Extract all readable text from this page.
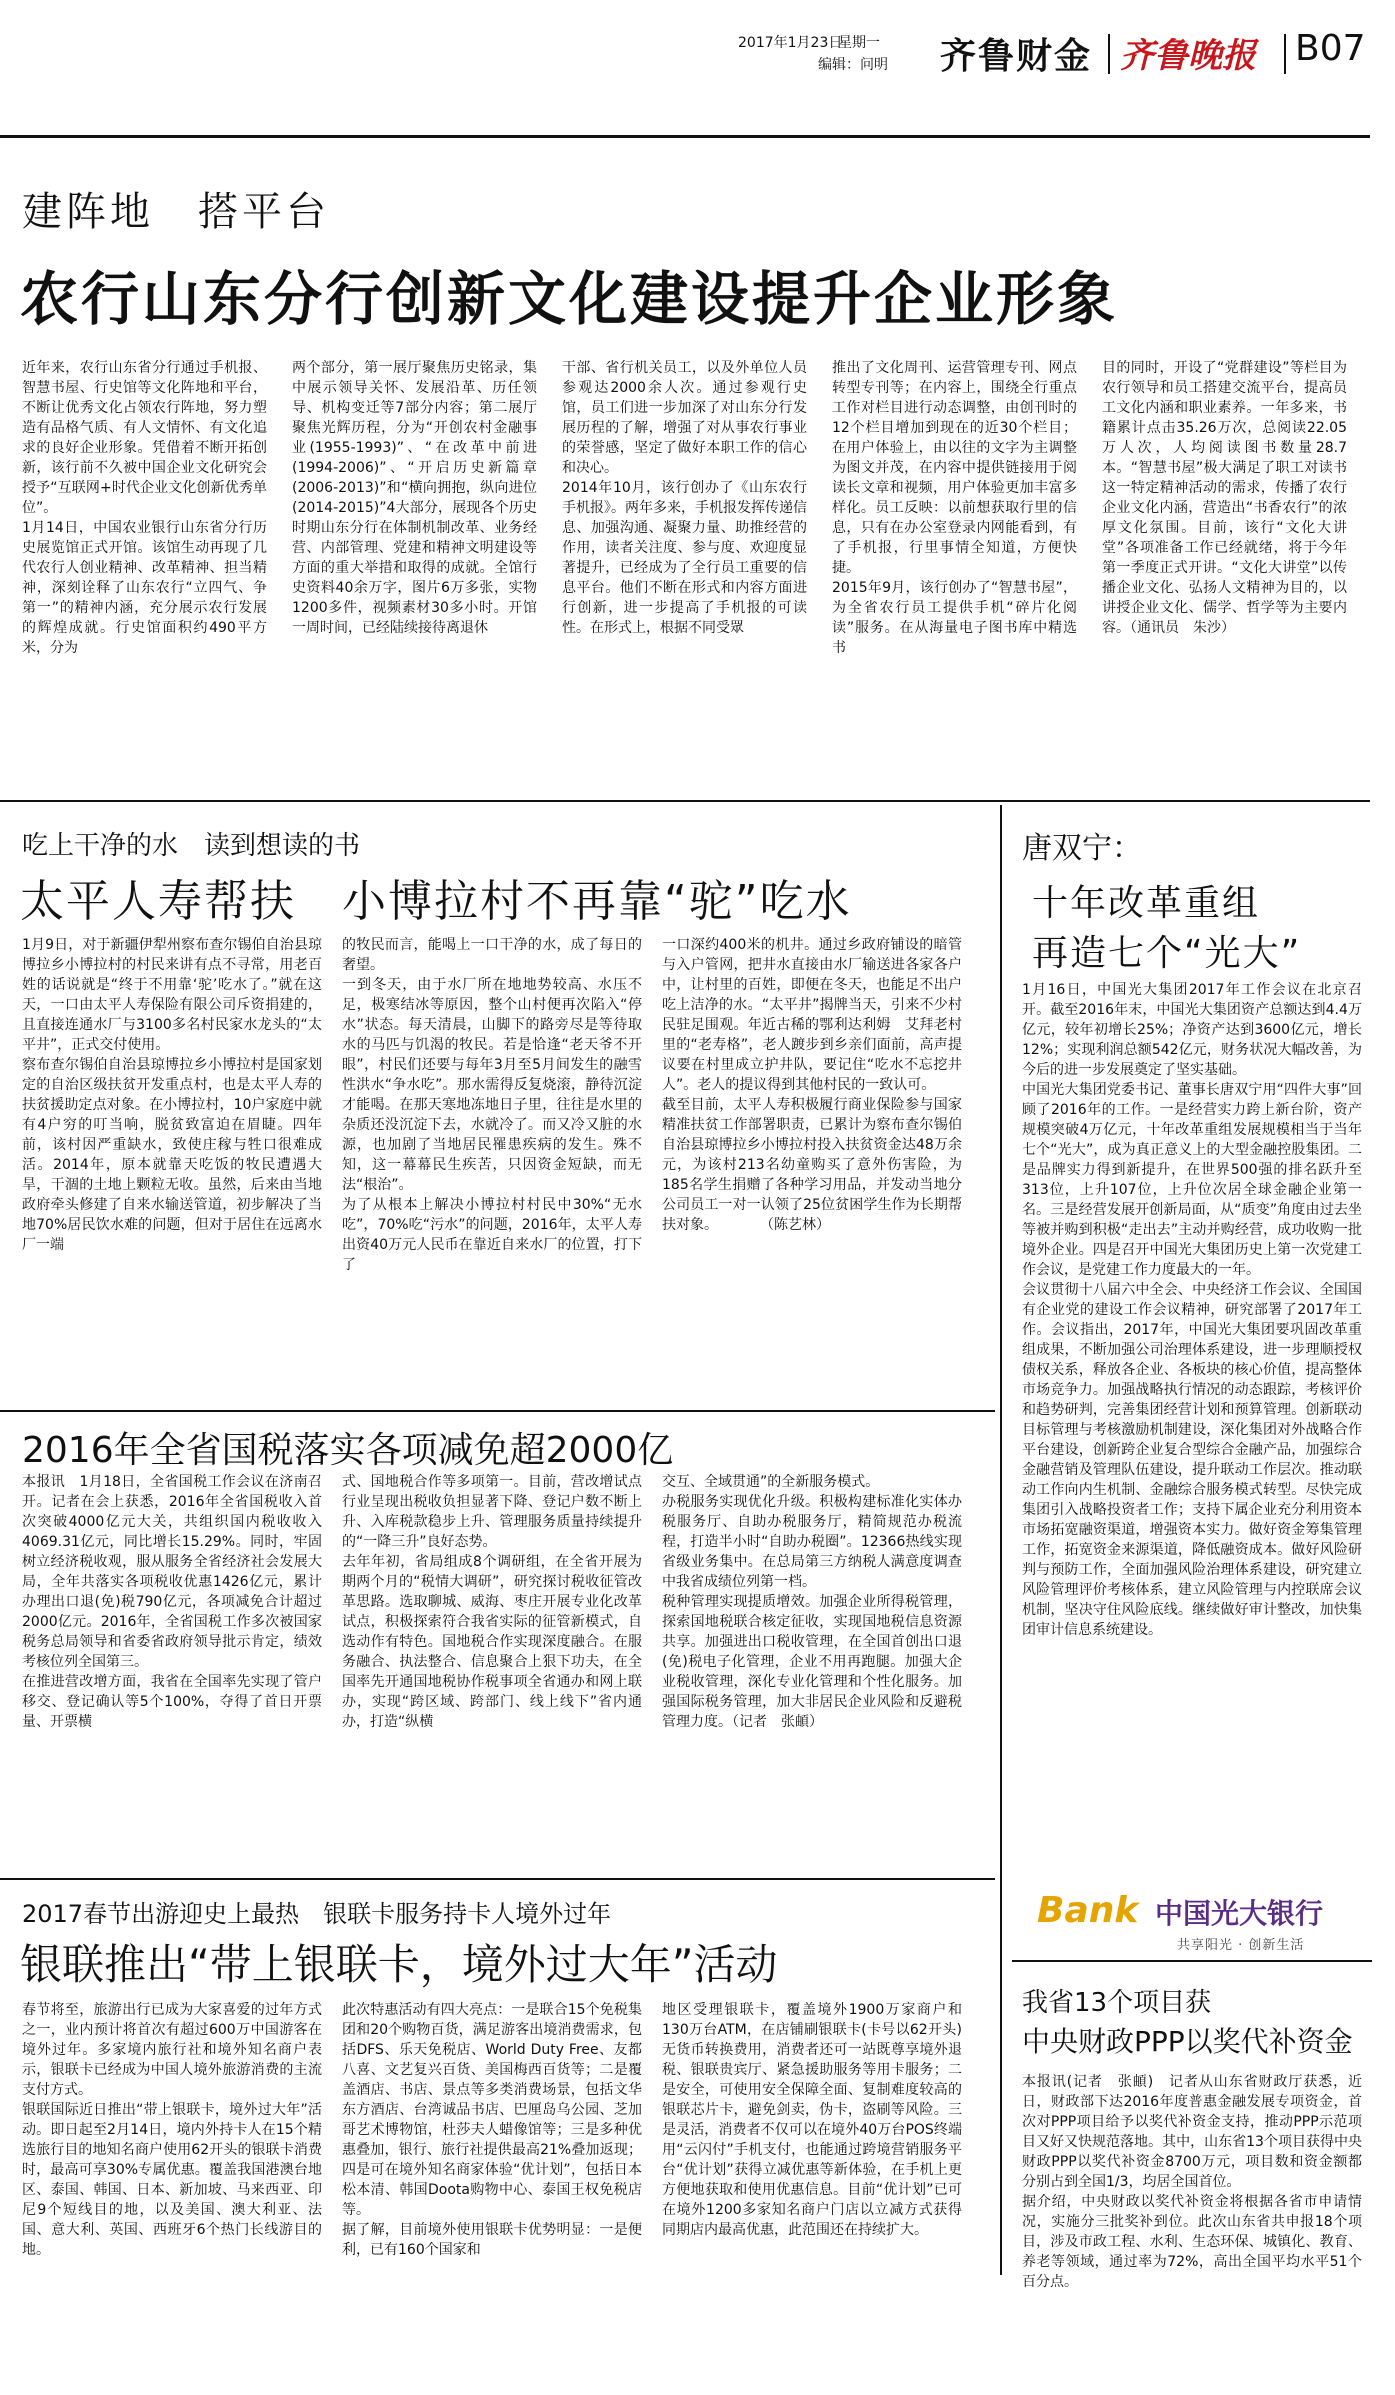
2017年1月23日
星期一
编辑：问明 齐鲁财金 齐鲁晚报 B07
建阵地　搭平台
农行山东分行创新文化建设提升企业形象
近年来，农行山东省分行通过手机报、智慧书屋、行史馆等文化阵地和平台，不断让优秀文化占领农行阵地，努力塑造有品格气质、有人文情怀、有文化追求的良好企业形象。凭借着不断开拓创新，该行前不久被中国企业文化研究会授予“互联网+时代企业文化创新优秀单位”。
1月14日，中国农业银行山东省分行历史展览馆正式开馆。该馆生动再现了几代农行人创业精神、改革精神、担当精神，深刻诠释了山东农行“立四气、争第一”的精神内涵，充分展示农行发展的辉煌成就。行史馆面积约490平方米，分为
两个部分，第一展厅聚焦历史铭录，集中展示领导关怀、发展沿革、历任领导、机构变迁等7部分内容；第二展厅聚焦光辉历程，分为“开创农村金融事业(1955-1993)”、“在改革中前进(1994-2006)”、“开启历史新篇章(2006-2013)”和“横向拥抱，纵向进位(2014-2015)”4大部分，展现各个历史时期山东分行在体制机制改革、业务经营、内部管理、党建和精神文明建设等方面的重大举措和取得的成就。全馆行史资料40余万字，图片6万多张，实物1200多件，视频素材30多小时。开馆一周时间，已经陆续接待离退休
干部、省行机关员工，以及外单位人员参观达2000余人次。通过参观行史馆，员工们进一步加深了对山东分行发展历程的了解，增强了对从事农行事业的荣誉感，坚定了做好本职工作的信心和决心。
2014年10月，该行创办了《山东农行手机报》。两年多来，手机报发挥传递信息、加强沟通、凝聚力量、助推经营的作用，读者关注度、参与度、欢迎度显著提升，已经成为了全行员工重要的信息平台。他们不断在形式和内容方面进行创新，进一步提高了手机报的可读性。在形式上，根据不同受眾
推出了文化周刊、运营管理专刊、网点转型专刊等；在内容上，围绕全行重点工作对栏目进行动态调整，由创刊时的12个栏目增加到现在的近30个栏目；在用户体验上，由以往的文字为主调整为图文并茂，在内容中提供链接用于阅读长文章和视频，用户体验更加丰富多样化。员工反映：以前想获取行里的信息，只有在办公室登录内网能看到，有了手机报，行里事情全知道，方便快捷。
2015年9月，该行创办了“智慧书屋”，为全省农行员工提供手机“碎片化阅读”服务。在从海量电子图书库中精选书
目的同时，开设了“党群建设”等栏目为农行领导和员工搭建交流平台，提高员工文化内涵和职业素养。一年多来，书籍累计点击35.26万次，总阅读22.05万人次，人均阅读图书数量28.7本。“智慧书屋”极大满足了职工对读书这一特定精神活动的需求，传播了农行企业文化内涵，营造出“书香农行”的浓厚文化氛围。目前，该行“文化大讲堂”各项准备工作已经就绪，将于今年第一季度正式开讲。“文化大讲堂”以传播企业文化、弘扬人文精神为目的，以讲授企业文化、儒学、哲学等为主要内容。（通讯员　朱沙）
吃上干净的水　读到想读的书
太平人寿帮扶　小博拉村不再靠“驼”吃水
1月9日，对于新疆伊犁州察布查尔锡伯自治县琼博拉乡小博拉村的村民来讲有点不寻常，用老百姓的话说就是“终于不用靠‘驼’吃水了。”就在这天，一口由太平人寿保险有限公司斥资捐建的，且直接连通水厂与3100多名村民家水龙头的“太平井”，正式交付使用。
察布查尔锡伯自治县琼博拉乡小博拉村是国家划定的自治区级扶贫开发重点村，也是太平人寿的扶贫援助定点对象。在小博拉村，10户家庭中就有4户穷的叮当响，脱贫致富迫在眉睫。四年前，该村因严重缺水，致使庄稼与牲口很难成活。2014年，原本就靠天吃饭的牧民遭遇大旱，干涸的土地上颗粒无收。虽然，后来由当地政府牵头修建了自来水输送管道，初步解决了当地70%居民饮水难的问题，但对于居住在远离水厂一端
的牧民而言，能喝上一口干净的水，成了每日的奢望。
一到冬天，由于水厂所在地地势较高、水压不足，极寒结冰等原因，整个山村便再次陷入“停水”状态。每天清晨，山脚下的路旁尽是等待取水的马匹与饥渴的牧民。若是恰逢“老天爷不开眼”，村民们还要与每年3月至5月间发生的融雪性洪水“争水吃”。那水需得反复烧滚，静待沉淀才能喝。在那天寒地冻地日子里，往往是水里的杂质还没沉淀下去，水就冷了。而又冷又脏的水源，也加剧了当地居民罹患疾病的发生。殊不知，这一幕幕民生疾苦，只因资金短缺，而无法“根治”。
为了从根本上解决小博拉村村民中30%“无水吃”，70%吃“污水”的问题，2016年，太平人寿出资40万元人民币在靠近自来水厂的位置，打下了
一口深约400米的机井。通过乡政府铺设的暗管与入户管网，把井水直接由水厂输送进各家各户中，让村里的百姓，即便在冬天，也能足不出户吃上洁净的水。“太平井”揭牌当天，引来不少村民驻足围观。年近古稀的鄂利达利姆　艾拜老村里的“老寿格”，老人踱步到乡亲们面前，高声提议要在村里成立护井队，要记住“吃水不忘挖井人”。老人的提议得到其他村民的一致认可。
截至目前，太平人寿积极履行商业保险参与国家精准扶贫工作部署职责，已累计为察布查尔锡伯自治县琼博拉乡小博拉村投入扶贫资金达48万余元，为该村213名幼童购买了意外伤害险，为185名学生捐赠了各种学习用品，并发动当地分公司员工一对一认领了25位贫困学生作为长期帮扶对象。　　　　（陈艺林）
2016年全省国税落实各项减免超2000亿
本报讯　1月18日，全省国税工作会议在济南召开。记者在会上获悉，2016年全省国税收入首次突破4000亿元大关，共组织国内税收收入4069.31亿元，同比增长15.29%。同时，牢固树立经济税收观，服从服务全省经济社会发展大局，全年共落实各项税收优惠1426亿元，累计办理出口退(免)税790亿元，各项减免合计超过2000亿元。2016年，全省国税工作多次被国家税务总局领导和省委省政府领导批示肯定，绩效考核位列全国第三。
在推进营改增方面，我省在全国率先实现了管户移交、登记确认等5个100%，夺得了首日开票量、开票横
式、国地税合作等多项第一。目前，营改增试点行业呈现出税收负担显著下降、登记户数不断上升、入库税款稳步上升、管理服务质量持续提升的“一降三升”良好态势。
去年年初，省局组成8个调研组，在全省开展为期两个月的“税情大调研”，研究探讨税收征管改革思路。选取聊城、威海、枣庄开展专业化改革试点，积极探索符合我省实际的征管新模式，自选动作有特色。国地税合作实现深度融合。在服务融合、执法整合、信息聚合上狠下功夫，在全国率先开通国地税协作税事项全省通办和网上联办，实现“跨区域、跨部门、线上线下”省内通办，打造“纵横
交互、全域贯通”的全新服务模式。
办税服务实现优化升级。积极构建标准化实体办税服务厅、自助办税服务厅，精简规范办税流程，打造半小时“自助办税圈”。12366热线实现省级业务集中。在总局第三方纳税人满意度调查中我省成绩位列第一档。
税种管理实现提质增效。加强企业所得税管理，探索国地税联合核定征收，实现国地税信息资源共享。加强进出口税收管理，在全国首创出口退(免)税电子化管理，企业不用再跑腿。加强大企业税收管理，深化专业化管理和个性化服务。加强国际税务管理，加大非居民企业风险和反避税管理力度。（记者　张頔）
2017春节出游迎史上最热　银联卡服务持卡人境外过年
银联推出“带上银联卡，境外过大年”活动
春节将至，旅游出行已成为大家喜爱的过年方式之一，业内预计将首次有超过600万中国游客在境外过年。多家境内旅行社和境外知名商户表示，银联卡已经成为中国人境外旅游消费的主流支付方式。
银联国际近日推出“带上银联卡，境外过大年”活动。即日起至2月14日，境内外持卡人在15个精选旅行目的地知名商户使用62开头的银联卡消费时，最高可享30%专属优惠。覆盖我国港澳台地区、泰国、韩国、日本、新加坡、马来西亚、印尼9个短线目的地，以及美国、澳大利亚、法国、意大利、英国、西班牙6个热门长线游目的地。
此次特惠活动有四大亮点：一是联合15个免税集团和20个购物百货，满足游客出境消费需求，包括DFS、乐天免税店、World Duty Free、友都八喜、文艺复兴百货、美国梅西百货等；二是覆盖酒店、书店、景点等多类消费场景，包括文华东方酒店、台湾诚品书店、巴厘岛乌公园、芝加哥艺术博物馆，杜莎夫人蜡像馆等；三是多种优惠叠加，银行、旅行社提供最高21%叠加返现；四是可在境外知名商家体验“优计划”，包括日本松本清、韩国Doota购物中心、泰国王权免税店等。
据了解，目前境外使用银联卡优势明显：一是便利，已有160个国家和
地区受理银联卡，覆盖境外1900万家商户和130万台ATM，在店铺刷银联卡(卡号以62开头)无货币转换费用，消费者还可一站既尊享境外退税、银联贵宾厅、紧急援助服务等用卡服务；二是安全，可使用安全保障全面、复制难度较高的银联芯片卡，避免剑卖，伪卡，盗刷等风险。三是灵活，消费者不仅可以在境外40万台POS终端用“云闪付”手机支付，也能通过跨境营销服务平台“优计划”获得立减优惠等新体验，在手机上更方便地获取和使用优惠信息。目前“优计划”已可在境外1200多家知名商户门店以立减方式获得同期店内最高优惠，此范围还在持续扩大。
唐双宁：
十年改革重组
再造七个“光大”
1月16日，中国光大集团2017年工作会议在北京召开。截至2016年末，中国光大集团资产总额达到4.4万亿元，较年初增长25%；净资产达到3600亿元，增长12%；实现利润总额542亿元，财务状况大幅改善，为今后的进一步发展奠定了坚实基础。
中国光大集团党委书记、董事长唐双宁用“四件大事”回顾了2016年的工作。一是经营实力跨上新台阶，资产规模突破4万亿元，十年改革重组发展规模相当于当年七个“光大”，成为真正意义上的大型金融控股集团。二是品牌实力得到新提升，在世界500强的排名跃升至313位，上升107位，上升位次居全球金融企业第一名。三是经营发展开创新局面，从“质变”角度由过去坐等被并购到积极“走出去”主动并购经营，成功收购一批境外企业。四是召开中国光大集团历史上第一次党建工作会议，是党建工作力度最大的一年。
会议贯彻十八届六中全会、中央经济工作会议、全国国有企业党的建设工作会议精神，研究部署了2017年工作。会议指出，2017年，中国光大集团要巩固改革重组成果，不断加强公司治理体系建设，进一步理顺授权债权关系，释放各企业、各板块的核心价值，提高整体市场竞争力。加强战略执行情况的动态跟踪，考核评价和趋势研判，完善集团经营计划和预算管理。创新联动目标管理与考核激励机制建设，深化集团对外战略合作平台建设，创新跨企业复合型综合金融产品，加强综合金融营销及管理队伍建设，提升联动工作层次。推动联动工作向内生机制、金融综合服务模式转型。尽快完成集团引入战略投资者工作；支持下属企业充分利用资本市场拓宽融资渠道，增强资本实力。做好资金筹集管理工作，拓宽资金来源渠道，降低融资成本。做好风险研判与预防工作，全面加强风险治理体系建设，研究建立风险管理评价考核体系，建立风险管理与内控联席会议机制，坚决守住风险底线。继续做好审计整改，加快集团审计信息系统建设。
Bank 中国光大银行
共享阳光 · 创新生活
我省13个项目获
中央财政PPP以奖代补资金
本报讯(记者　张頔)　记者从山东省财政厅获悉，近日，财政部下达2016年度普惠金融发展专项资金，首次对PPP项目给予以奖代补资金支持，推动PPP示范项目又好又快规范落地。其中，山东省13个项目获得中央财政PPP以奖代补资金8700万元，项目数和资金额都分别占到全国1/3，均居全国首位。
据介绍，中央财政以奖代补资金将根据各省市申请情况，实施分三批奖补到位。此次山东省共申报18个项目，涉及市政工程、水利、生态环保、城镇化、教育、养老等领域，通过率为72%，高出全国平均水平51个百分点。
